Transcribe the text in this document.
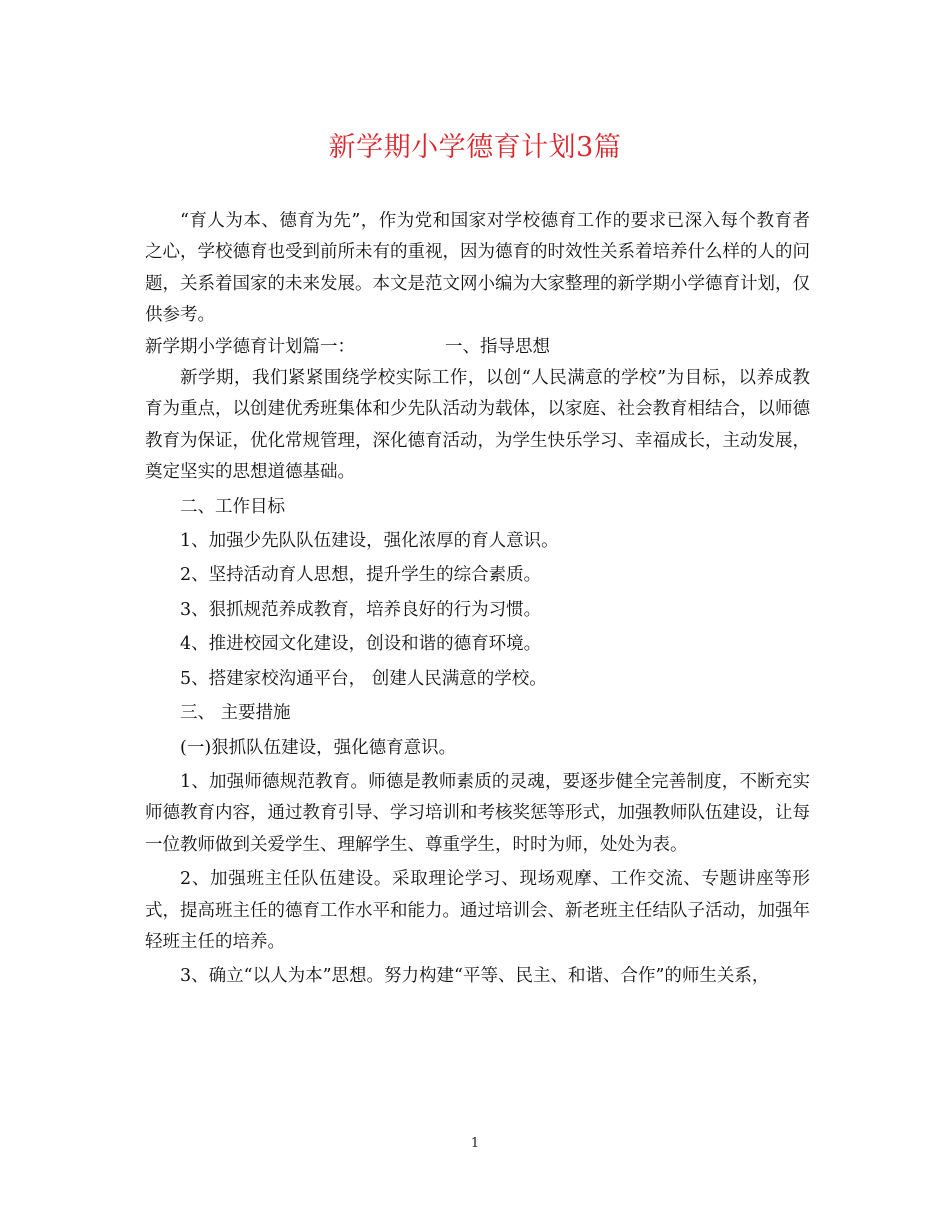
新学期小学德育计划3篇

“育人为本、德育为先”，作为党和国家对学校德育工作的要求已深入每个教育者之心，学校德育也受到前所未有的重视，因为德育的时效性关系着培养什么样的人的问题，关系着国家的未来发展。本文是范文网小编为大家整理的新学期小学德育计划，仅供参考。

新学期小学德育计划篇一：	一、指导思想

新学期，我们紧紧围绕学校实际工作，以创“人民满意的学校”为目标，以养成教育为重点，以创建优秀班集体和少先队活动为载体，以家庭、社会教育相结合，以师德教育为保证，优化常规管理，深化德育活动，为学生快乐学习、幸福成长，主动发展，奠定坚实的思想道德基础。

二、工作目标

1、加强少先队队伍建设，强化浓厚的育人意识。

2、坚持活动育人思想，提升学生的综合素质。

3、狠抓规范养成教育，培养良好的行为习惯。

4、推进校园文化建设，创设和谐的德育环境。

5、搭建家校沟通平台， 创建人民满意的学校。

三、 主要措施

(一)狠抓队伍建设，强化德育意识。

1、加强师德规范教育。师德是教师素质的灵魂，要逐步健全完善制度，不断充实师德教育内容，通过教育引导、学习培训和考核奖惩等形式，加强教师队伍建设，让每一位教师做到关爱学生、理解学生、尊重学生，时时为师，处处为表。

2、加强班主任队伍建设。采取理论学习、现场观摩、工作交流、专题讲座等形式，提高班主任的德育工作水平和能力。通过培训会、新老班主任结队子活动，加强年轻班主任的培养。

3、确立“以人为本”思想。努力构建“平等、民主、和谐、合作”的师生关系，

1
